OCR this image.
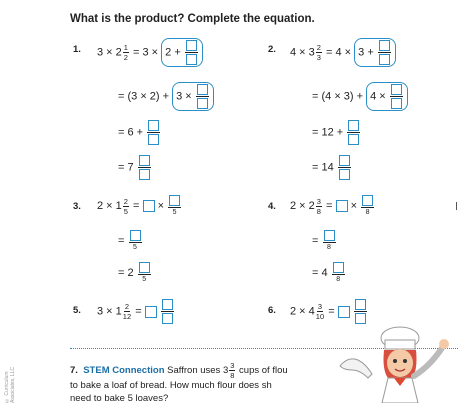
What is the product? Complete the equation.
1. $3 \times 2 \frac{1}{2} = 3 \times 2$ +
= (3 × 2) + 3 ×
= 6 +
= 7
2. $4 \times 3 \frac{2}{3} = 4 \times 3$ +
= (4 × 3) + 4 ×
= 12 +
= 14
3. $2 \times 1 \frac{2}{5}$ = ×
5
=
5
= 2
5
4. $2 \times 2 \frac{3}{8}$ = ×
8
=
8
= 4
8
5. $3 \times 1 \frac{2}{12}$ =	6. $2 \times 4 \frac{3}{10}$ =
7. STEM Connection Saffron uses $3 \frac{3}{8}$ cups of flou
to bake a loaf of bread. How much flour does sh
need to bake 5 loaves?
© Curriculum Associates, LLC
